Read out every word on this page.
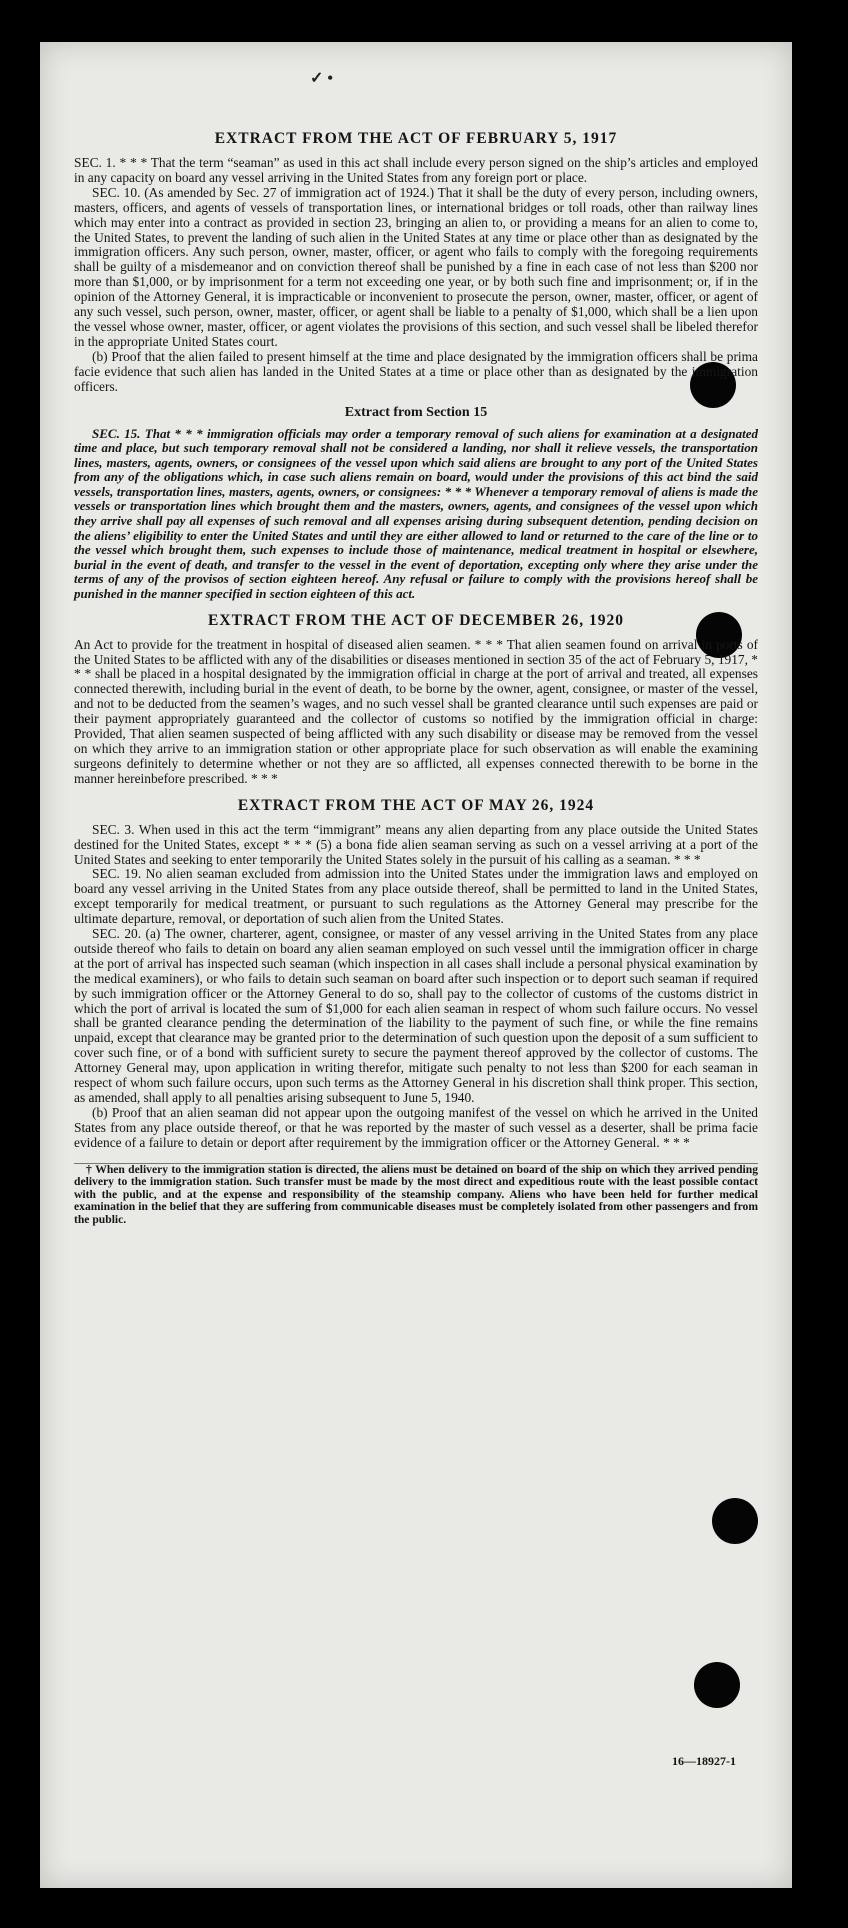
✓ •
EXTRACT FROM THE ACT OF FEBRUARY 5, 1917

SEC. 1. * * * That the term “seaman” as used in this act shall include every person signed on the ship’s articles and employed in any capacity on board any vessel arriving in the United States from any foreign port or place.

SEC. 10. (As amended by Sec. 27 of immigration act of 1924.) That it shall be the duty of every person, including owners, masters, officers, and agents of vessels of transportation lines, or international bridges or toll roads, other than railway lines which may enter into a contract as provided in section 23, bringing an alien to, or providing a means for an alien to come to, the United States, to prevent the landing of such alien in the United States at any time or place other than as designated by the immigration officers. Any such person, owner, master, officer, or agent who fails to comply with the foregoing requirements shall be guilty of a misdemeanor and on conviction thereof shall be punished by a fine in each case of not less than $200 nor more than $1,000, or by imprisonment for a term not exceeding one year, or by both such fine and imprisonment; or, if in the opinion of the Attorney General, it is impracticable or inconvenient to prosecute the person, owner, master, officer, or agent of any such vessel, such person, owner, master, officer, or agent shall be liable to a penalty of $1,000, which shall be a lien upon the vessel whose owner, master, officer, or agent violates the provisions of this section, and such vessel shall be libeled therefor in the appropriate United States court.

(b) Proof that the alien failed to present himself at the time and place designated by the immigration officers shall be prima facie evidence that such alien has landed in the United States at a time or place other than as designated by the immigration officers.

Extract from Section 15

SEC. 15. That * * * immigration officials may order a temporary removal of such aliens for examination at a designated time and place, but such temporary removal shall not be considered a landing, nor shall it relieve vessels, the transportation lines, masters, agents, owners, or consignees of the vessel upon which said aliens are brought to any port of the United States from any of the obligations which, in case such aliens remain on board, would under the provisions of this act bind the said vessels, transportation lines, masters, agents, owners, or consignees: * * * Whenever a temporary removal of aliens is made the vessels or transportation lines which brought them and the masters, owners, agents, and consignees of the vessel upon which they arrive shall pay all expenses of such removal and all expenses arising during subsequent detention, pending decision on the aliens’ eligibility to enter the United States and until they are either allowed to land or returned to the care of the line or to the vessel which brought them, such expenses to include those of maintenance, medical treatment in hospital or elsewhere, burial in the event of death, and transfer to the vessel in the event of deportation, excepting only where they arise under the terms of any of the provisos of section eighteen hereof. Any refusal or failure to comply with the provisions hereof shall be punished in the manner specified in section eighteen of this act.

EXTRACT FROM THE ACT OF DECEMBER 26, 1920

An Act to provide for the treatment in hospital of diseased alien seamen. * * * That alien seamen found on arrival in ports of the United States to be afflicted with any of the disabilities or diseases mentioned in section 35 of the act of February 5, 1917, * * * shall be placed in a hospital designated by the immigration official in charge at the port of arrival and treated, all expenses connected therewith, including burial in the event of death, to be borne by the owner, agent, consignee, or master of the vessel, and not to be deducted from the seamen’s wages, and no such vessel shall be granted clearance until such expenses are paid or their payment appropriately guaranteed and the collector of customs so notified by the immigration official in charge: Provided, That alien seamen suspected of being afflicted with any such disability or disease may be removed from the vessel on which they arrive to an immigration station or other appropriate place for such observation as will enable the examining surgeons definitely to determine whether or not they are so afflicted, all expenses connected therewith to be borne in the manner hereinbefore prescribed. * * *

EXTRACT FROM THE ACT OF MAY 26, 1924

SEC. 3. When used in this act the term “immigrant” means any alien departing from any place outside the United States destined for the United States, except * * * (5) a bona fide alien seaman serving as such on a vessel arriving at a port of the United States and seeking to enter temporarily the United States solely in the pursuit of his calling as a seaman. * * *

SEC. 19. No alien seaman excluded from admission into the United States under the immigration laws and employed on board any vessel arriving in the United States from any place outside thereof, shall be permitted to land in the United States, except temporarily for medical treatment, or pursuant to such regulations as the Attorney General may prescribe for the ultimate departure, removal, or deportation of such alien from the United States.

SEC. 20. (a) The owner, charterer, agent, consignee, or master of any vessel arriving in the United States from any place outside thereof who fails to detain on board any alien seaman employed on such vessel until the immigration officer in charge at the port of arrival has inspected such seaman (which inspection in all cases shall include a personal physical examination by the medical examiners), or who fails to detain such seaman on board after such inspection or to deport such seaman if required by such immigration officer or the Attorney General to do so, shall pay to the collector of customs of the customs district in which the port of arrival is located the sum of $1,000 for each alien seaman in respect of whom such failure occurs. No vessel shall be granted clearance pending the determination of the liability to the payment of such fine, or while the fine remains unpaid, except that clearance may be granted prior to the determination of such question upon the deposit of a sum sufficient to cover such fine, or of a bond with sufficient surety to secure the payment thereof approved by the collector of customs. The Attorney General may, upon application in writing therefor, mitigate such penalty to not less than $200 for each seaman in respect of whom such failure occurs, upon such terms as the Attorney General in his discretion shall think proper. This section, as amended, shall apply to all penalties arising subsequent to June 5, 1940.

(b) Proof that an alien seaman did not appear upon the outgoing manifest of the vessel on which he arrived in the United States from any place outside thereof, or that he was reported by the master of such vessel as a deserter, shall be prima facie evidence of a failure to detain or deport after requirement by the immigration officer or the Attorney General. * * *

† When delivery to the immigration station is directed, the aliens must be detained on board of the ship on which they arrived pending delivery to the immigration station. Such transfer must be made by the most direct and expeditious route with the least possible contact with the public, and at the expense and responsibility of the steamship company. Aliens who have been held for further medical examination in the belief that they are suffering from communicable diseases must be completely isolated from other passengers and from the public.

16—18927-1
